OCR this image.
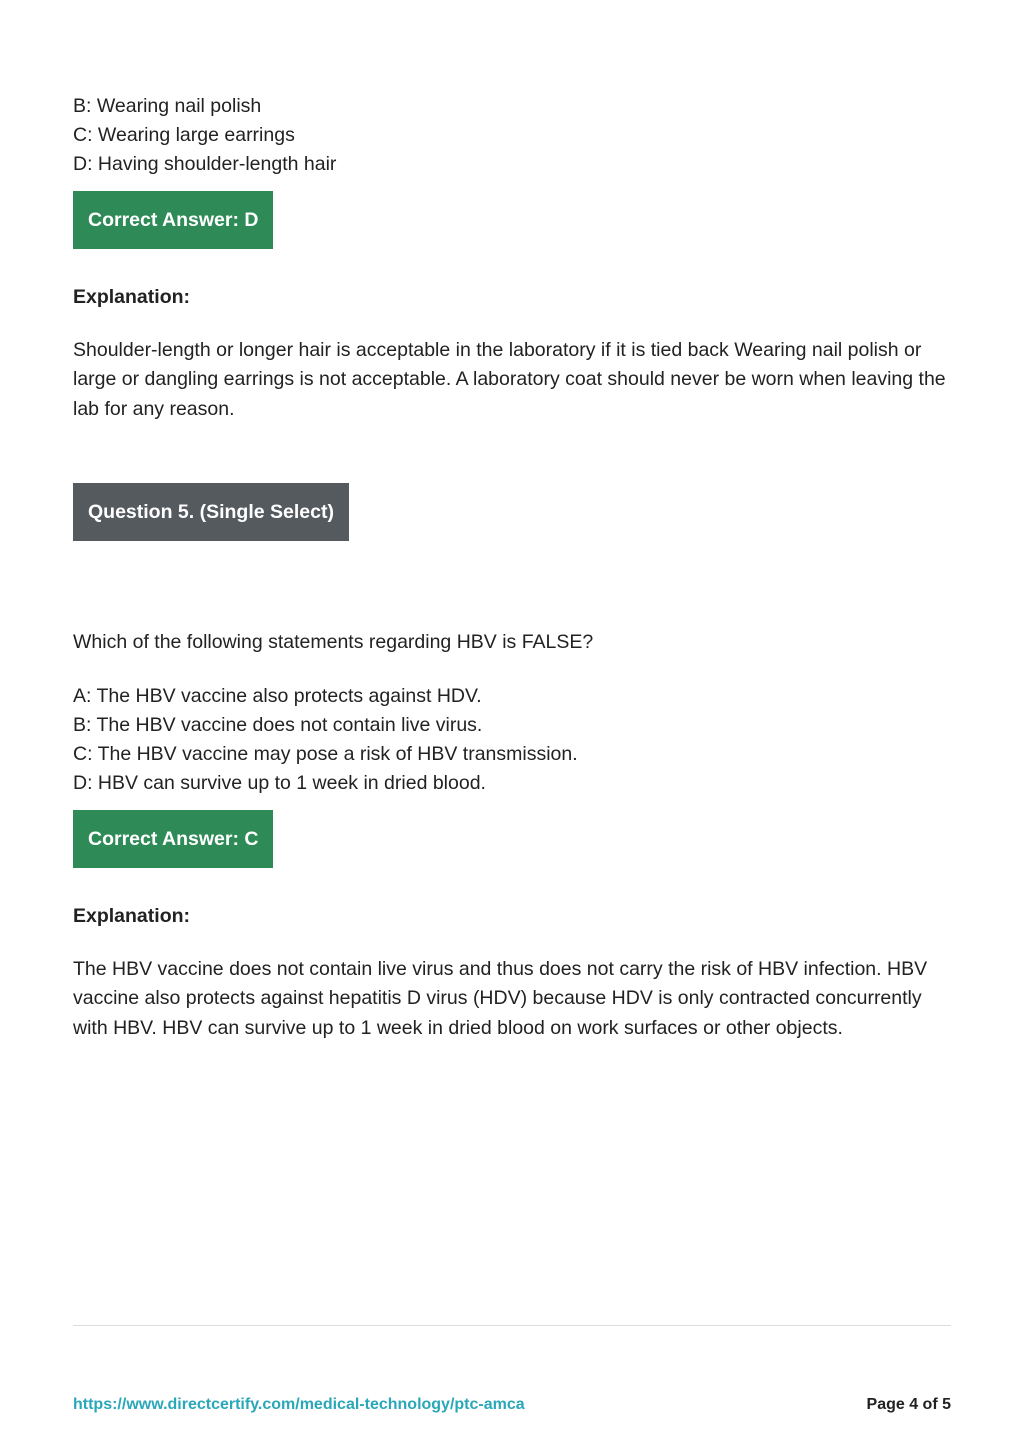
B: Wearing nail polish

C: Wearing large earrings

D: Having shoulder-length hair

Correct Answer: D

Explanation:

Shoulder-length or longer hair is acceptable in the laboratory if it is tied back Wearing nail polish or large or dangling earrings is not acceptable. A laboratory coat should never be worn when leaving the lab for any reason.

Question 5. (Single Select)

Which of the following statements regarding HBV is FALSE?

A: The HBV vaccine also protects against HDV.

B: The HBV vaccine does not contain live virus.

C: The HBV vaccine may pose a risk of HBV transmission.

D: HBV can survive up to 1 week in dried blood.

Correct Answer: C

Explanation:

The HBV vaccine does not contain live virus and thus does not carry the risk of HBV infection. HBV vaccine also protects against hepatitis D virus (HDV) because HDV is only contracted concurrently with HBV. HBV can survive up to 1 week in dried blood on work surfaces or other objects.

https://www.directcertify.com/medical-technology/ptc-amca	Page 4 of 5
